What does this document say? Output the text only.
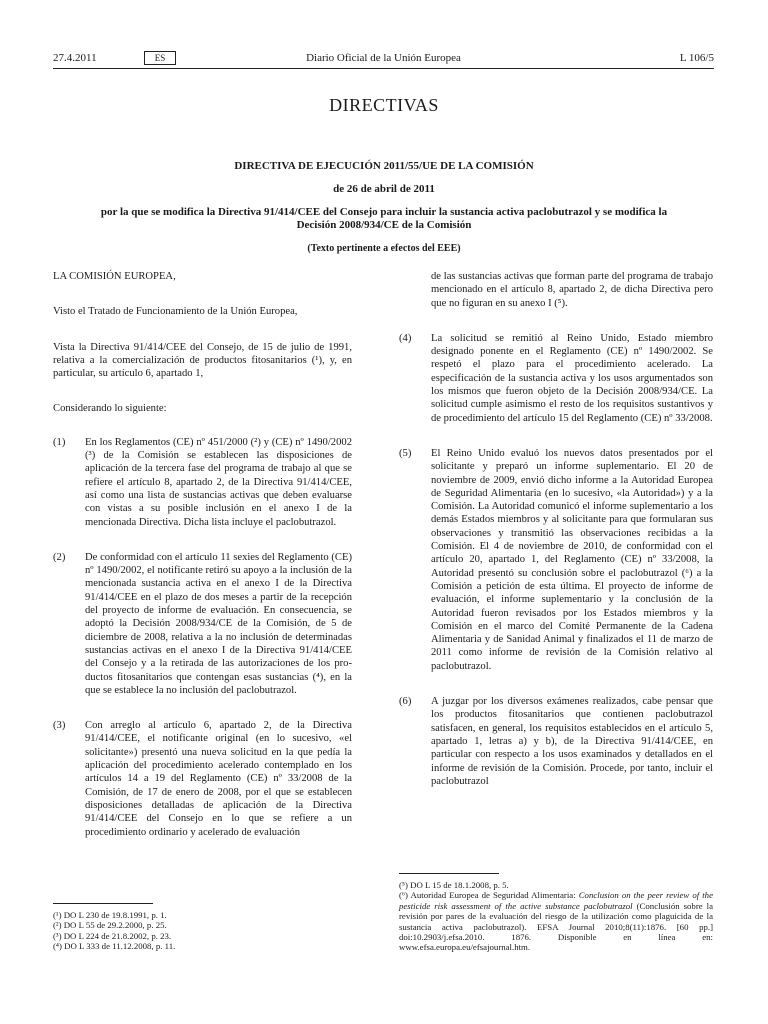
27.4.2011	ES	Diario Oficial de la Unión Europea	L 106/5
DIRECTIVAS

DIRECTIVA DE EJECUCIÓN 2011/55/UE DE LA COMISIÓN

de 26 de abril de 2011

por la que se modifica la Directiva 91/414/CEE del Consejo para incluir la sustancia activa paclobutrazol y se modifica la Decisión 2008/934/CE de la Comisión

(Texto pertinente a efectos del EEE)

LA COMISIÓN EUROPEA,

Visto el Tratado de Funcionamiento de la Unión Europea,

Vista la Directiva 91/414/CEE del Consejo, de 15 de julio de 1991, relativa a la comercialización de productos fitosanitarios (¹), y, en particular, su artículo 6, apartado 1,

Considerando lo siguiente:

(1) En los Reglamentos (CE) nº 451/2000 (²) y (CE) nº 1490/2002 (³) de la Comisión se establecen las disposiciones de aplicación de la tercera fase del programa de trabajo al que se refiere el artículo 8, apartado 2, de la Directiva 91/414/CEE, así como una lista de sustancias activas que deben evaluarse con vistas a su posible inclusión en el anexo I de la mencionada Directiva. Dicha lista incluye el paclobutrazol.
(2) De conformidad con el artículo 11 sexies del Reglamento (CE) nº 1490/2002, el notificante retiró su apoyo a la inclusión de la mencionada sustancia activa en el anexo I de la Directiva 91/414/CEE en el plazo de dos meses a partir de la recepción del proyecto de informe de evaluación. En consecuencia, se adoptó la Decisión 2008/934/CE de la Comisión, de 5 de diciembre de 2008, relativa a la no inclusión de determinadas sustancias activas en el anexo I de la Directiva 91/414/CEE del Consejo y a la retirada de las autorizaciones de los productos fitosanitarios que contengan esas sustancias (⁴), en la que se establece la no inclusión del paclobutrazol.
(3) Con arreglo al artículo 6, apartado 2, de la Directiva 91/414/CEE, el notificante original (en lo sucesivo, «el solicitante») presentó una nueva solicitud en la que pedía la aplicación del procedimiento acelerado contemplado en los artículos 14 a 19 del Reglamento (CE) nº 33/2008 de la Comisión, de 17 de enero de 2008, por el que se establecen disposiciones detalladas de aplicación de la Directiva 91/414/CEE del Consejo en lo que se refiere a un procedimiento ordinario y acelerado de evaluación

(¹) DO L 230 de 19.8.1991, p. 1.

(²) DO L 55 de 29.2.2000, p. 25.

(³) DO L 224 de 21.8.2002, p. 23.

(⁴) DO L 333 de 11.12.2008, p. 11.

de las sustancias activas que forman parte del programa de trabajo mencionado en el artículo 8, apartado 2, de dicha Directiva pero que no figuran en su anexo I (⁵).

(4) La solicitud se remitió al Reino Unido, Estado miembro designado ponente en el Reglamento (CE) nº 1490/2002. Se respetó el plazo para el procedimiento acelerado. La especificación de la sustancia activa y los usos argumentados son los mismos que fueron objeto de la Decisión 2008/934/CE. La solicitud cumple asimismo el resto de los requisitos sustantivos y de procedimiento del artículo 15 del Reglamento (CE) nº 33/2008.
(5) El Reino Unido evaluó los nuevos datos presentados por el solicitante y preparó un informe suplementario. El 20 de noviembre de 2009, envió dicho informe a la Autoridad Europea de Seguridad Alimentaria (en lo sucesivo, «la Autoridad») y a la Comisión. La Autoridad comunicó el informe suplementario a los demás Estados miembros y al solicitante para que formularan sus observaciones y transmitió las observaciones recibidas a la Comisión. El 4 de noviembre de 2010, de conformidad con el artículo 20, apartado 1, del Reglamento (CE) nº 33/2008, la Autoridad presentó su conclusión sobre el paclobutrazol (⁶) a la Comisión a petición de esta última. El proyecto de informe de evaluación, el informe suplementario y la conclusión de la Autoridad fueron revisados por los Estados miembros y la Comisión en el marco del Comité Permanente de la Cadena Alimentaria y de Sanidad Animal y finalizados el 11 de marzo de 2011 como informe de revisión de la Comisión relativo al paclobutrazol.
(6) A juzgar por los diversos exámenes realizados, cabe pensar que los productos fitosanitarios que contienen paclobutrazol satisfacen, en general, los requisitos establecidos en el artículo 5, apartado 1, letras a) y b), de la Directiva 91/414/CEE, en particular con respecto a los usos examinados y detallados en el informe de revisión de la Comisión. Procede, por tanto, incluir el paclobutrazol

(⁵) DO L 15 de 18.1.2008, p. 5.

(⁶) Autoridad Europea de Seguridad Alimentaria: Conclusion on the peer review of the pesticide risk assessment of the active substance paclobutrazol (Conclusión sobre la revisión por pares de la evaluación del riesgo de la utilización como plaguicida de la sustancia activa paclobutrazol). EFSA Journal 2010;8(11):1876. [60 pp.] doi:10.2903/j.efsa.2010. 1876. Disponible en línea en: www.efsa.europa.eu/efsajournal.htm.
